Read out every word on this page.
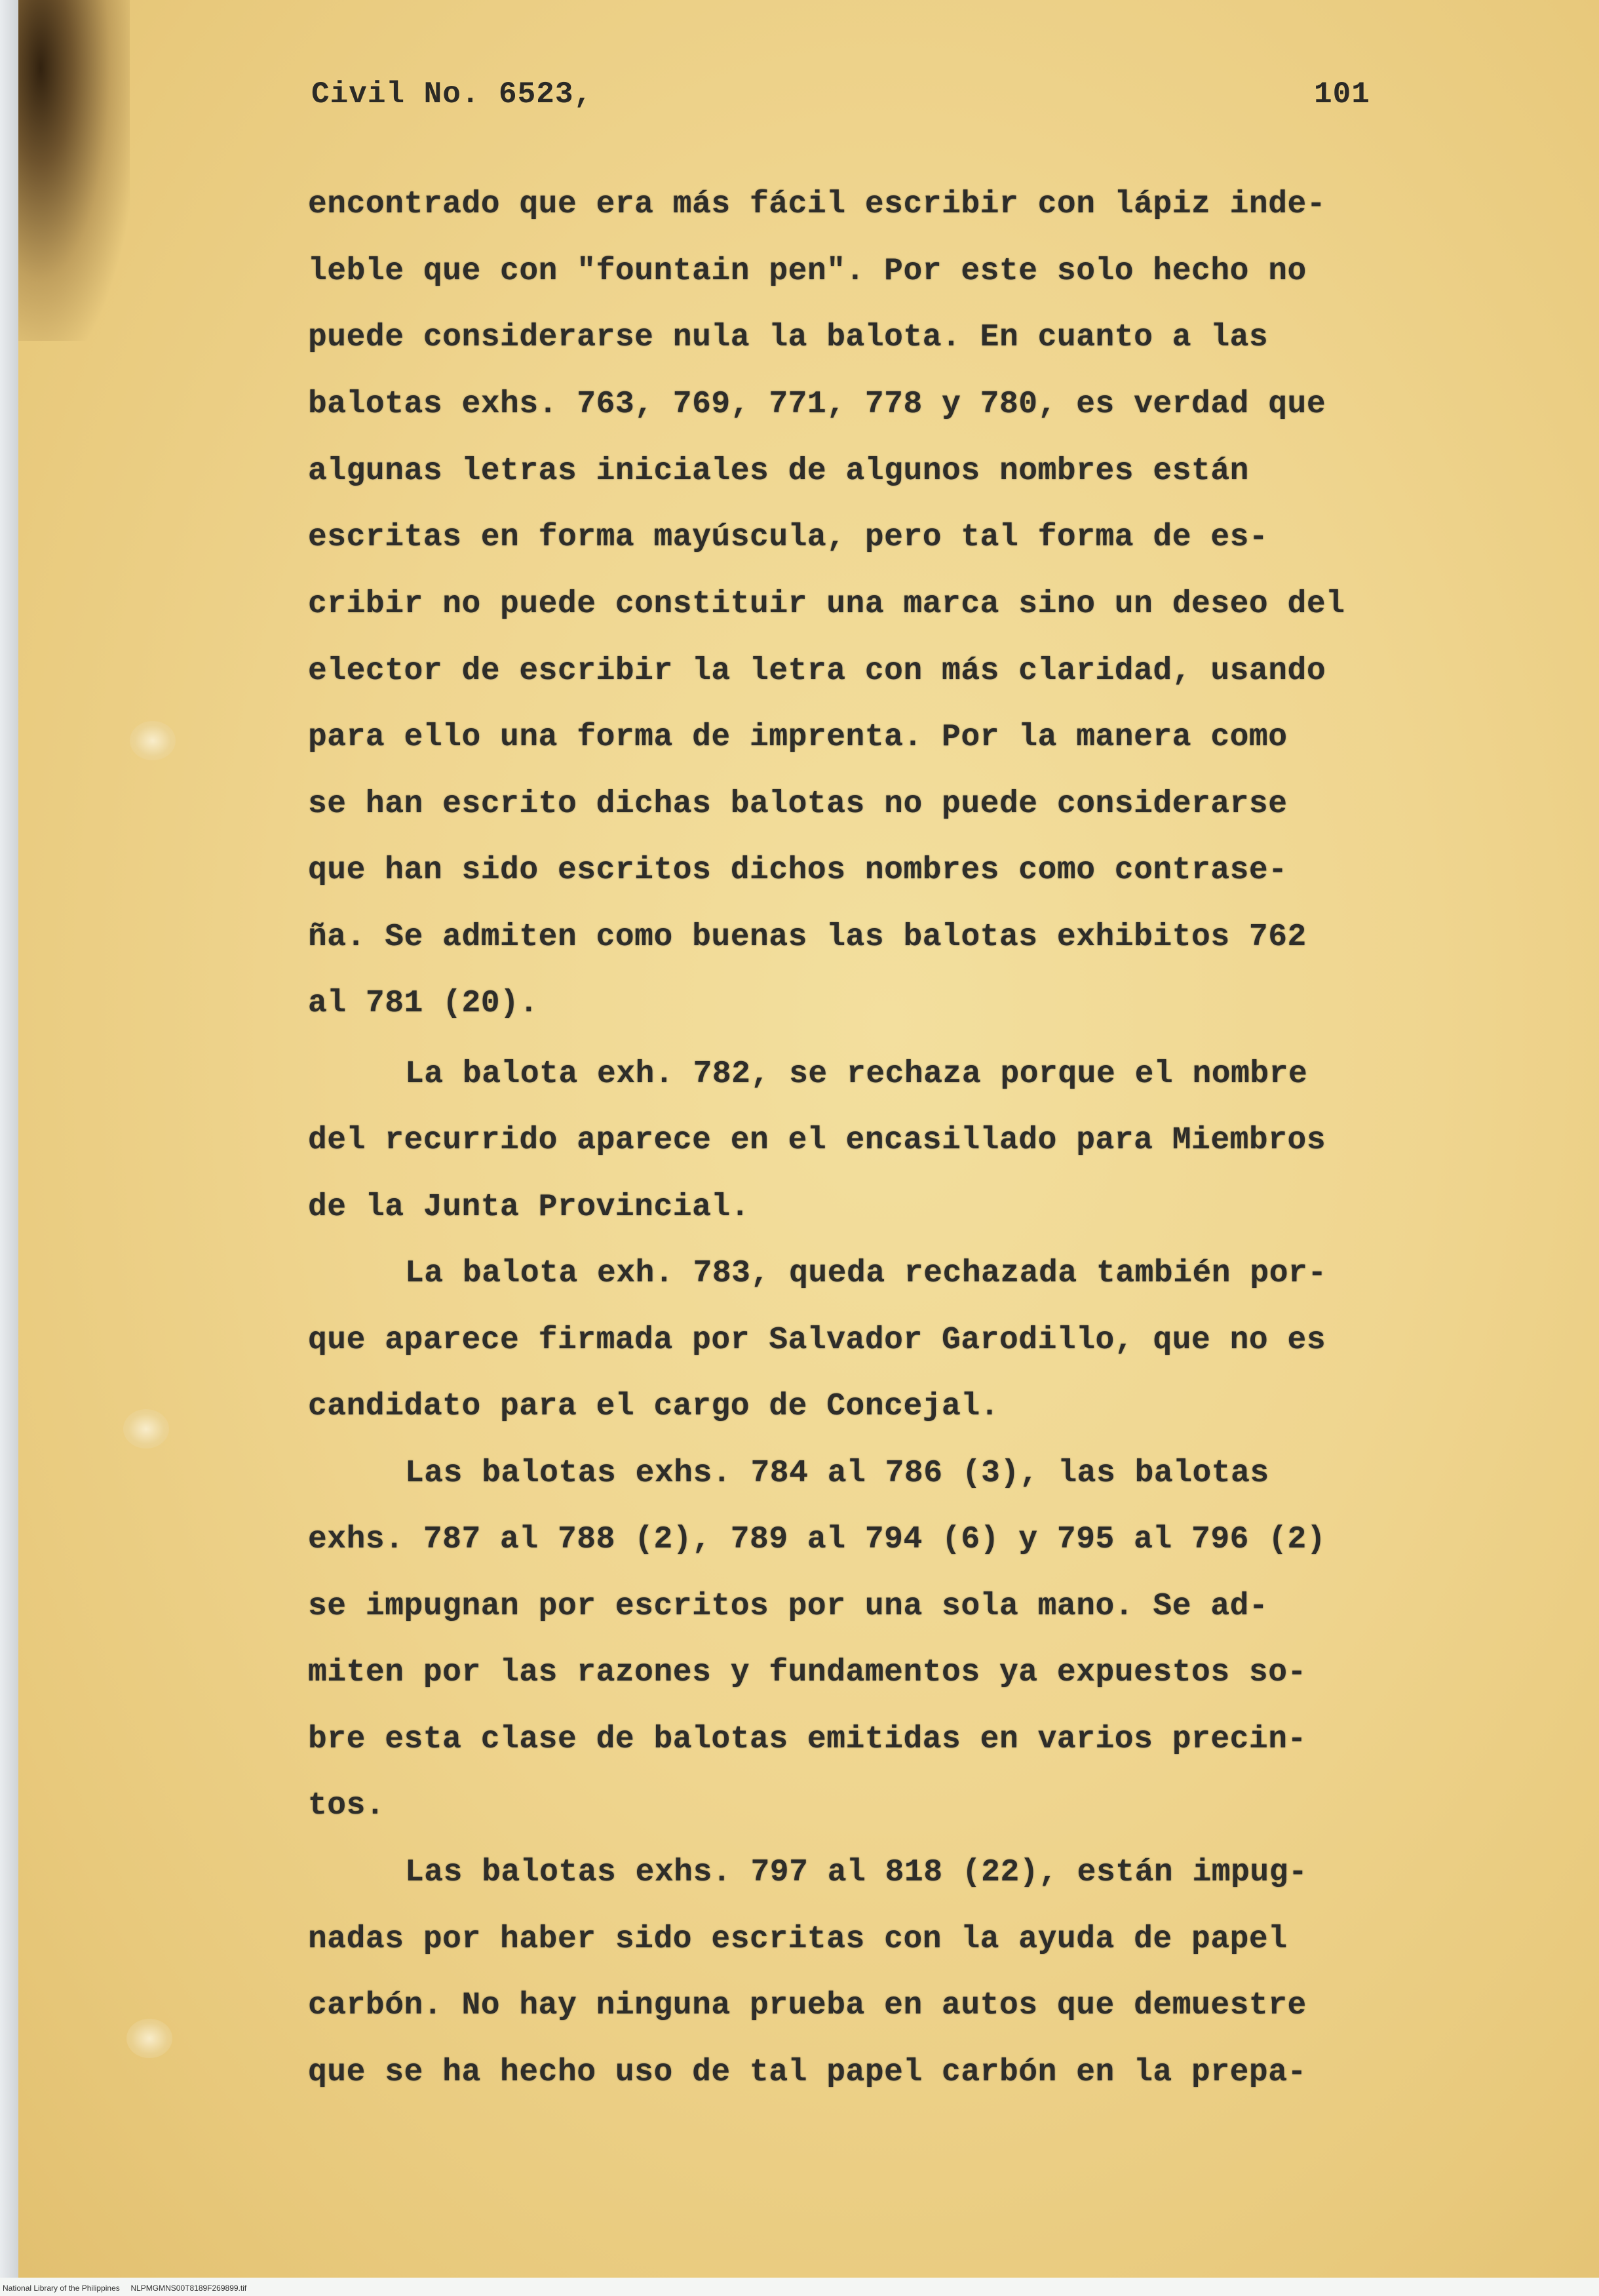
Civil No. 6523,	101
encontrado que era más fácil escribir con lápiz inde-
leble que con "fountain pen". Por este solo hecho no
puede considerarse nula la balota. En cuanto a las
balotas exhs. 763, 769, 771, 778 y 780, es verdad que
algunas letras iniciales de algunos nombres están
escritas en forma mayúscula, pero tal forma de es-
cribir no puede constituir una marca sino un deseo del
elector de escribir la letra con más claridad, usando
para ello una forma de imprenta. Por la manera como
se han escrito dichas balotas no puede considerarse
que han sido escritos dichos nombres como contrase-
ña. Se admiten como buenas las balotas exhibitos 762
al 781 (20).
La balota exh. 782, se rechaza porque el nombre
del recurrido aparece en el encasillado para Miembros
de la Junta Provincial.
La balota exh. 783, queda rechazada también por-
que aparece firmada por Salvador Garodillo, que no es
candidato para el cargo de Concejal.
Las balotas exhs. 784 al 786 (3), las balotas
exhs. 787 al 788 (2), 789 al 794 (6) y 795 al 796 (2)
se impugnan por escritos por una sola mano. Se ad-
miten por las razones y fundamentos ya expuestos so-
bre esta clase de balotas emitidas en varios precin-
tos.
Las balotas exhs. 797 al 818 (22), están impug-
nadas por haber sido escritas con la ayuda de papel
carbón. No hay ninguna prueba en autos que demuestre
que se ha hecho uso de tal papel carbón en la prepa-
National Library of the Philippines NLPMGMNS00T8189F269899.tif
